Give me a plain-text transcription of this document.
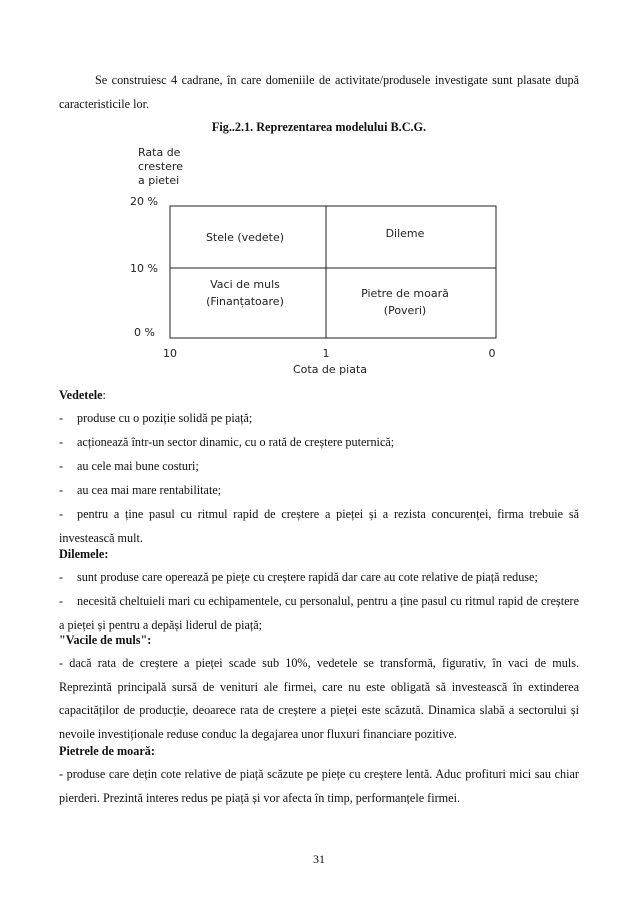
Se construiesc 4 cadrane, în care domeniile de activitate/produsele investigate sunt plasate după caracteristicile lor.
Fig..2.1. Reprezentarea modelului B.C.G.
Rata de
crestere
a pietei
20 %
10 %
0 %
Stele (vedete)	Dileme
Vaci de muls
(Finanțatoare)
Pietre de moară
(Poveri)
10	1	0
Cota de piata
Vedetele:
- produse cu o poziție solidă pe piață;
- acționează într-un sector dinamic, cu o rată de creștere puternică;
- au cele mai bune costuri;
- au cea mai mare rentabilitate;
- pentru a ține pasul cu ritmul rapid de creștere a pieței și a rezista concurenței, firma trebuie să investească mult.
Dilemele:
- sunt produse care operează pe piețe cu creștere rapidă dar care au cote relative de piață reduse;
- necesită cheltuieli mari cu echipamentele, cu personalul, pentru a ține pasul cu ritmul rapid de creștere a pieței și pentru a depăși liderul de piață;
"Vacile de muls":
- dacă rata de creștere a pieței scade sub 10%, vedetele se transformă, figurativ, în vaci de muls. Reprezintă principală sursă de venituri ale firmei, care nu este obligată să investească în extinderea capacităților de producție, deoarece rata de creștere a pieței este scăzută. Dinamica slabă a sectorului și nevoile investiționale reduse conduc la degajarea unor fluxuri financiare pozitive.
Pietrele de moară:
- produse care dețin cote relative de piață scăzute pe piețe cu creștere lentă. Aduc profituri mici sau chiar pierderi. Prezintă interes redus pe piață și vor afecta în timp, performanțele firmei.
31
